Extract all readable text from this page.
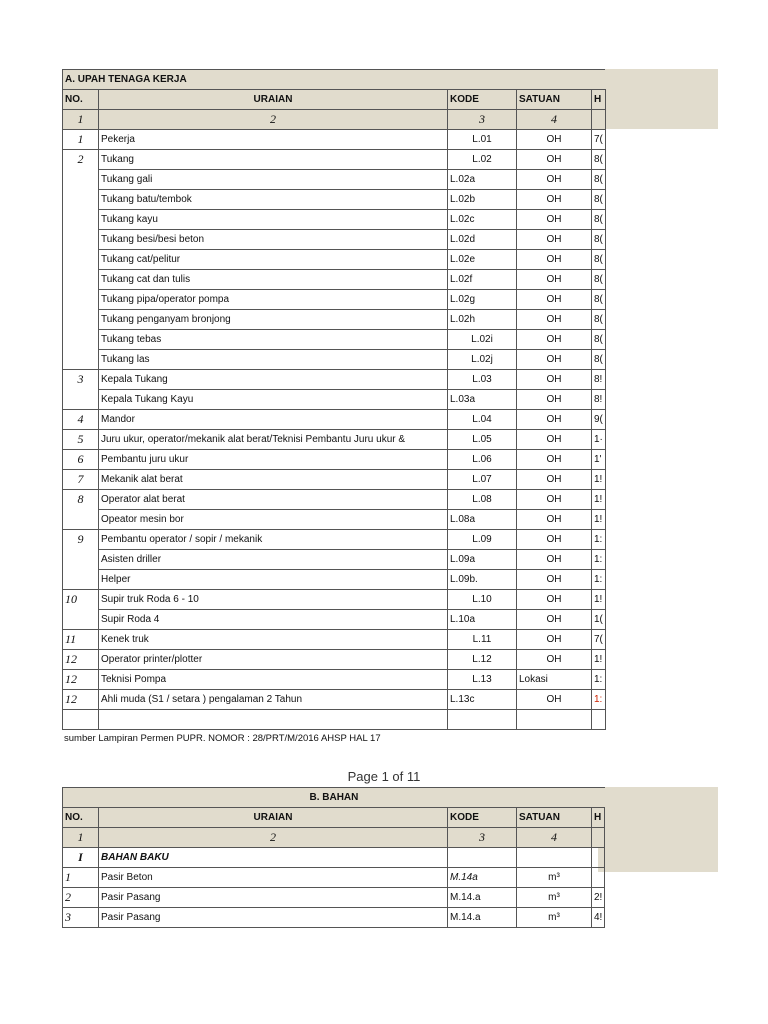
A. UPAH TENAGA KERJA				
NO.	URAIAN	KODE	SATUAN	H
1	2	3	4	
1	Pekerja	L.01	OH	7(
2	Tukang	L.02	OH	8(
	Tukang gali	L.02a	OH	8(
	Tukang batu/tembok	L.02b	OH	8(
	Tukang kayu	L.02c	OH	8(
	Tukang besi/besi beton	L.02d	OH	8(
	Tukang cat/pelitur	L.02e	OH	8(
	Tukang cat dan tulis	L.02f	OH	8(
	Tukang pipa/operator pompa	L.02g	OH	8(
	Tukang penganyam bronjong	L.02h	OH	8(
	Tukang tebas	L.02i	OH	8(
	Tukang las	L.02j	OH	8(
3	Kepala Tukang	L.03	OH	8!
	Kepala Tukang Kayu	L.03a	OH	8!
4	Mandor	L.04	OH	9(
5	Juru ukur, operator/mekanik alat berat/Teknisi Pembantu Juru ukur &	L.05	OH	1·
6	Pembantu juru ukur	L.06	OH	1'
7	Mekanik alat berat	L.07	OH	1!
8	Operator alat berat	L.08	OH	1!
	Opeator mesin bor	L.08a	OH	1!
9	Pembantu operator / sopir / mekanik	L.09	OH	1:
	Asisten driller	L.09a	OH	1:
	Helper	L.09b.	OH	1:
10	Supir truk Roda 6 - 10	L.10	OH	1!
	Supir Roda 4	L.10a	OH	1(
11	Kenek truk	L.11	OH	7(
12	Operator printer/plotter	L.12	OH	1!
12	Teknisi Pompa	L.13	Lokasi	1:
12	Ahli muda (S1 / setara ) pengalaman 2 Tahun	L.13c	OH	1:

sumber Lampiran Permen PUPR. NOMOR : 28/PRT/M/2016 AHSP HAL 17
Page 1 of 11
B. BAHAN				
NO.	URAIAN	KODE	SATUAN	H
1	2	3	4	
I	BAHAN BAKU			
1	Pasir Beton	M.14a	m³	
2	Pasir Pasang	M.14.a	m³	2!
3	Pasir Pasang	M.14.a	m³	4!
